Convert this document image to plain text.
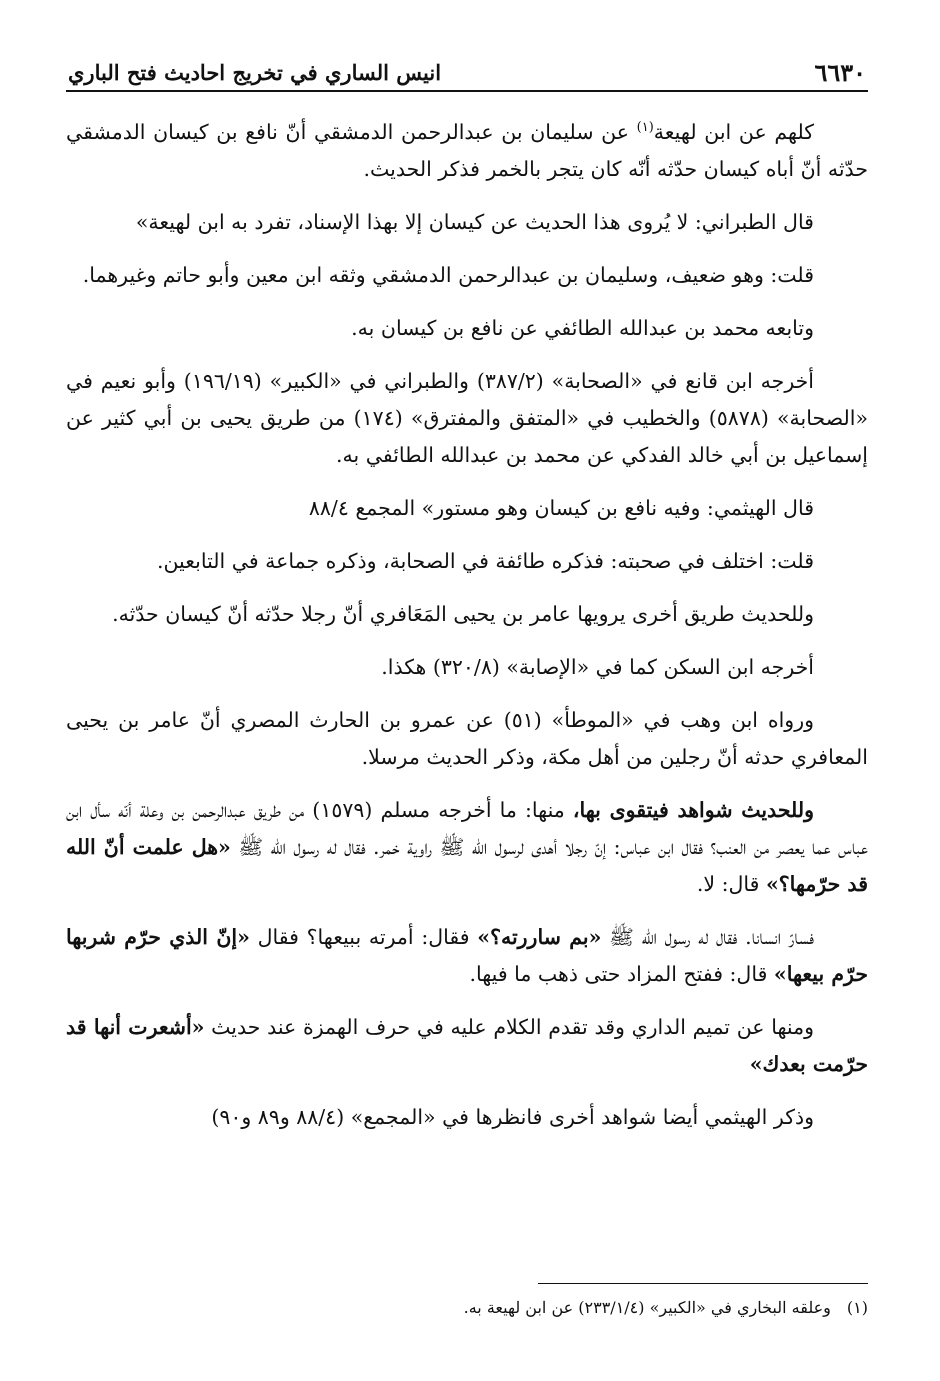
٦٦٣٠
انيس الساري في تخريج احاديث فتح الباري

كلهم عن ابن لهيعة$^{(١)}$ عن سليمان بن عبدالرحمن الدمشقي أنّ نافع بن كيسان الدمشقي حدّثه أنّ أباه كيسان حدّثه أنّه كان يتجر بالخمر فذكر الحديث.

قال الطبراني: لا يُروى هذا الحديث عن كيسان إلا بهذا الإسناد، تفرد به ابن لهيعة»

قلت: وهو ضعيف، وسليمان بن عبدالرحمن الدمشقي وثقه ابن معين وأبو حاتم وغيرهما.

وتابعه محمد بن عبدالله الطائفي عن نافع بن كيسان به.

أخرجه ابن قانع في «الصحابة» (٣٨٧/٢) والطبراني في «الكبير» (١٩٦/١٩) وأبو نعيم في «الصحابة» (٥٨٧٨) والخطيب في «المتفق والمفترق» (١٧٤) من طريق يحيى بن أبي كثير عن إسماعيل بن أبي خالد الفدكي عن محمد بن عبدالله الطائفي به.

قال الهيثمي: وفيه نافع بن كيسان وهو مستور» المجمع ٨٨/٤

قلت: اختلف في صحبته: فذكره طائفة في الصحابة، وذكره جماعة في التابعين.

وللحديث طريق أخرى يرويها عامر بن يحيى المَعَافري أنّ رجلا حدّثه أنّ كيسان حدّثه.

أخرجه ابن السكن كما في «الإصابة» (٣٢٠/٨) هكذا.

ورواه ابن وهب في «الموطأ» (٥١) عن عمرو بن الحارث المصري أنّ عامر بن يحيى المعافري حدثه أنّ رجلين من أهل مكة، وذكر الحديث مرسلا.

وللحديث شواهد فيتقوى بها، منها: ما أخرجه مسلم (١٥٧٩) من طريق عبدالرحمن بن وعلة أنّه سأل ابن عباس عما يعصر من العنب؟ فقال ابن عباس: إنّ رجلا أهدى لرسول الله ﷺ راوية خمر. فقال له رسول الله ﷺ «هل علمت أنّ الله قد حرّمها؟» قال: لا.

فسارّ انسانا. فقال له رسول الله ﷺ «بم ساررته؟» فقال: أمرته ببيعها؟ فقال «إنّ الذي حرّم شربها حرّم بيعها» قال: ففتح المزاد حتى ذهب ما فيها.

ومنها عن تميم الداري وقد تقدم الكلام عليه في حرف الهمزة عند حديث «أشعرت أنها قد حرّمت بعدك»

وذكر الهيثمي أيضا شواهد أخرى فانظرها في «المجمع» (٨٨/٤ و٨٩ و٩٠)

(١)وعلقه البخاري في «الكبير» (٢٣٣/١/٤) عن ابن لهيعة به.
